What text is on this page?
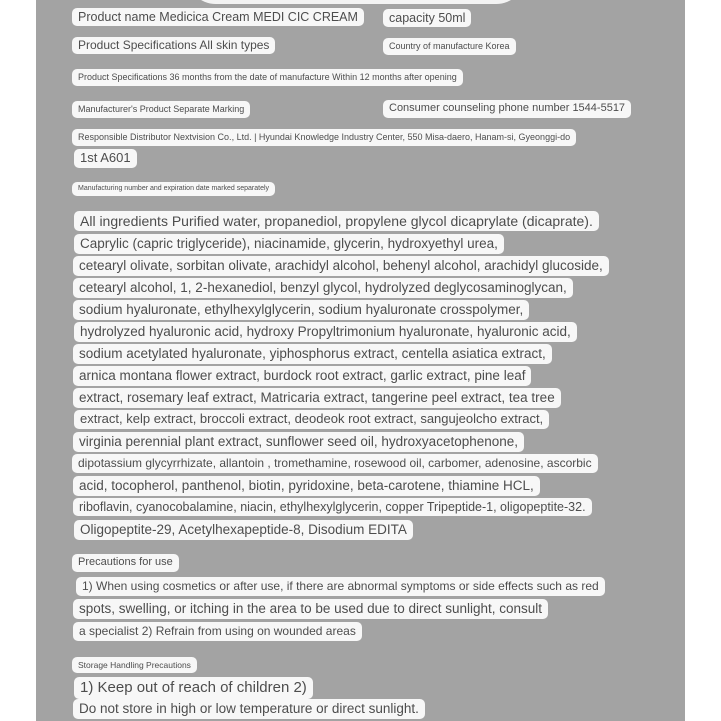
Product name Medicica Cream MEDI CIC CREAM	capacity 50ml
Product Specifications All skin types	Country of manufacture Korea
Product Specifications 36 months from the date of manufacture Within 12 months after opening
Manufacturer's Product Separate Marking	Consumer counseling phone number 1544-5517
Responsible Distributor Nextvision Co., Ltd. | Hyundai Knowledge Industry Center, 550 Misa-daero, Hanam-si, Gyeonggi-do
1st A601
Manufacturing number and expiration date marked separately
All ingredients Purified water, propanediol, propylene glycol dicaprylate (dicaprate).
Caprylic (capric triglyceride), niacinamide, glycerin, hydroxyethyl urea,
cetearyl olivate, sorbitan olivate, arachidyl alcohol, behenyl alcohol, arachidyl glucoside,
cetearyl alcohol, 1, 2-hexanediol, benzyl glycol, hydrolyzed deglycosaminoglycan,
sodium hyaluronate, ethylhexylglycerin, sodium hyaluronate crosspolymer,
hydrolyzed hyaluronic acid, hydroxy Propyltrimonium hyaluronate, hyaluronic acid,
sodium acetylated hyaluronate, yiphosphorus extract, centella asiatica extract,
arnica montana flower extract, burdock root extract, garlic extract, pine leaf
extract, rosemary leaf extract, Matricaria extract, tangerine peel extract, tea tree
extract, kelp extract, broccoli extract, deodeok root extract, sangujeolcho extract,
virginia perennial plant extract, sunflower seed oil, hydroxyacetophenone,
dipotassium glycyrrhizate, allantoin , tromethamine, rosewood oil, carbomer, adenosine, ascorbic
acid, tocopherol, panthenol, biotin, pyridoxine, beta-carotene, thiamine HCL,
riboflavin, cyanocobalamine, niacin, ethylhexylglycerin, copper Tripeptide-1, oligopeptite-32.
Oligopeptite-29, Acetylhexapeptide-8, Disodium EDITA
Precautions for use
1) When using cosmetics or after use, if there are abnormal symptoms or side effects such as red
spots, swelling, or itching in the area to be used due to direct sunlight, consult
a specialist 2) Refrain from using on wounded areas
Storage Handling Precautions
1) Keep out of reach of children 2)
Do not store in high or low temperature or direct sunlight.
